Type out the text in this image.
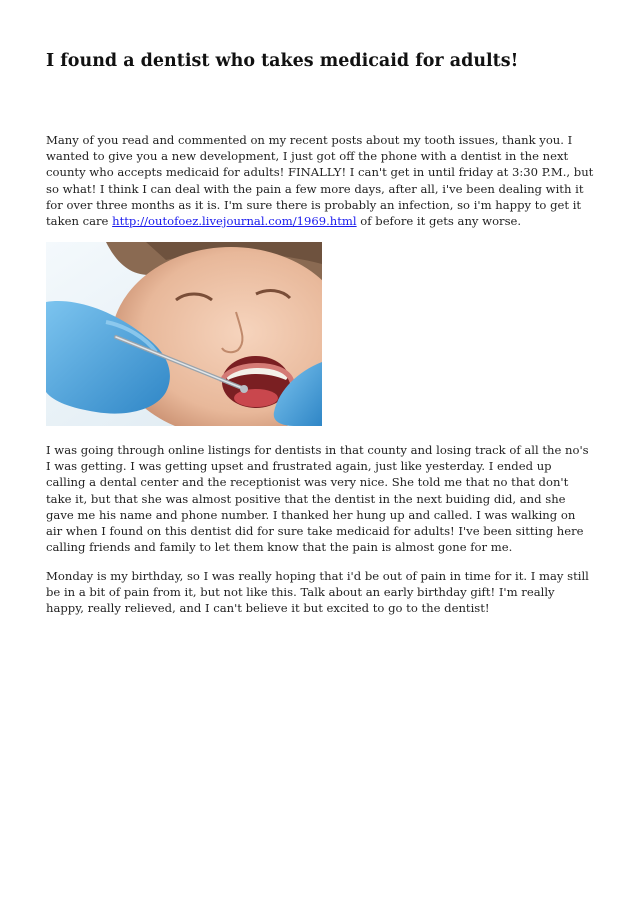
I found a dentist who takes medicaid for adults!

Many of you read and commented on my recent posts about my tooth issues, thank you. I wanted to give you a new development, I just got off the phone with a dentist in the next county who accepts medicaid for adults! FINALLY! I can't get in until friday at 3:30 P.M., but so what! I think I can deal with the pain a few more days, after all, i've been dealing with it for over three months as it is. I'm sure there is probably an infection, so i'm happy to get it taken care http://outofoez.livejournal.com/1969.html of before it gets any worse.

I was going through online listings for dentists in that county and losing track of all the no's I was getting. I was getting upset and frustrated again, just like yesterday. I ended up calling a dental center and the receptionist was very nice. She told me that no that don't take it, but that she was almost positive that the dentist in the next buiding did, and she gave me his name and phone number. I thanked her hung up and called. I was walking on air when I found on this dentist did for sure take medicaid for adults! I've been sitting here calling friends and family to let them know that the pain is almost gone for me.

Monday is my birthday, so I was really hoping that i'd be out of pain in time for it. I may still be in a bit of pain from it, but not like this. Talk about an early birthday gift! I'm really happy, really relieved, and I can't believe it but excited to go to the dentist!
